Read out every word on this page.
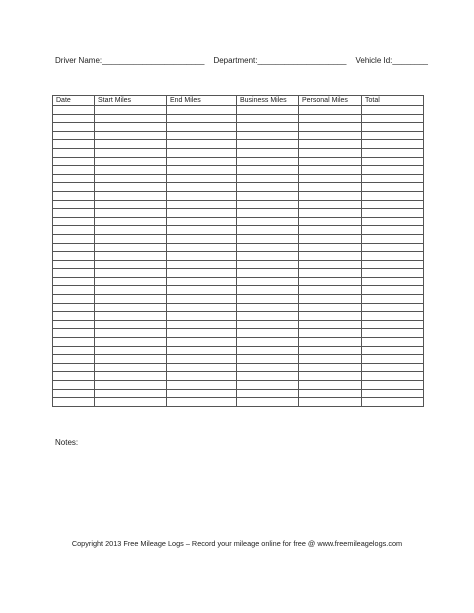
Driver Name:_______________________ Department:____________________ Vehicle Id:________
Date	Start Miles	End Miles	Business Miles	Personal Miles	Total

Notes:
Copyright 2013 Free Mileage Logs – Record your mileage online for free @ www.freemileagelogs.com
